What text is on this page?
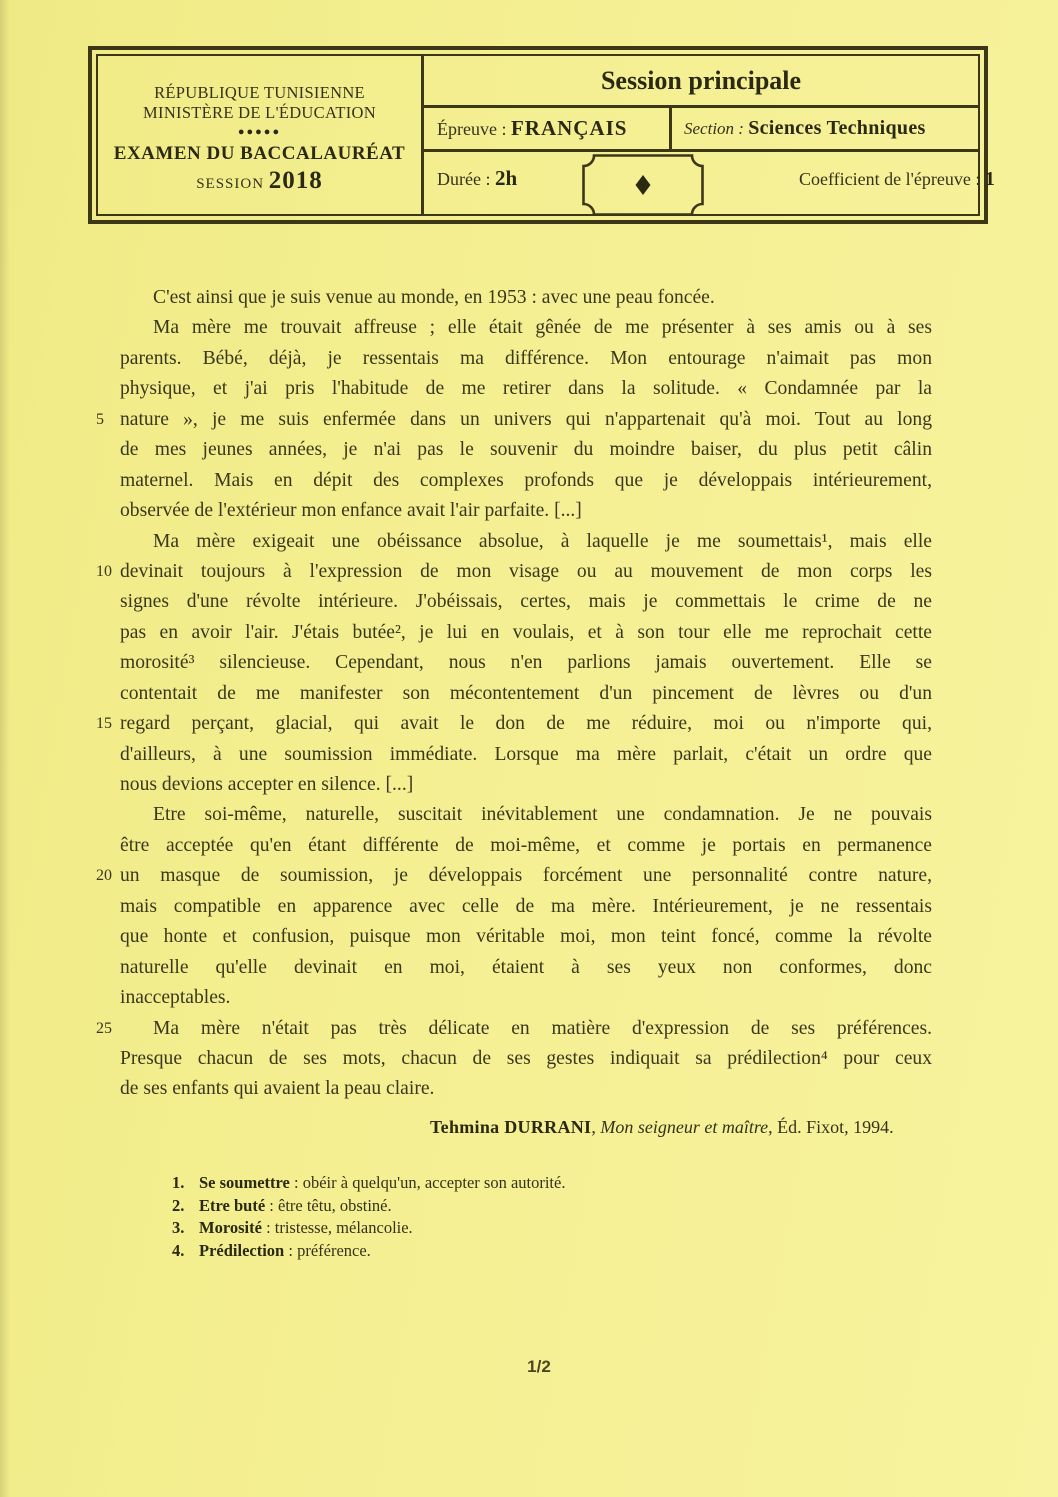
RÉPUBLIQUE TUNISIENNE
MINISTÈRE DE L'ÉDUCATION
●●●●●
EXAMEN DU BACCALAURÉAT
SESSION 2018
Session principale
Épreuve : FRANÇAIS	Section : Sciences Techniques
Durée : 2h	Coefficient de l'épreuve : 1
C'est ainsi que je suis venue au monde, en 1953 : avec une peau foncée.
Ma mère me trouvait affreuse ; elle était gênée de me présenter à ses amis ou à ses
parents. Bébé, déjà, je ressentais ma différence. Mon entourage n'aimait pas mon
physique, et j'ai pris l'habitude de me retirer dans la solitude. « Condamnée par la
5 nature », je me suis enfermée dans un univers qui n'appartenait qu'à moi. Tout au long
de mes jeunes années, je n'ai pas le souvenir du moindre baiser, du plus petit câlin
maternel. Mais en dépit des complexes profonds que je développais intérieurement,
observée de l'extérieur mon enfance avait l'air parfaite. [...]
Ma mère exigeait une obéissance absolue, à laquelle je me soumettais¹, mais elle
10 devinait toujours à l'expression de mon visage ou au mouvement de mon corps les
signes d'une révolte intérieure. J'obéissais, certes, mais je commettais le crime de ne
pas en avoir l'air. J'étais butée², je lui en voulais, et à son tour elle me reprochait cette
morosité³ silencieuse. Cependant, nous n'en parlions jamais ouvertement. Elle se
contentait de me manifester son mécontentement d'un pincement de lèvres ou d'un
15 regard perçant, glacial, qui avait le don de me réduire, moi ou n'importe qui,
d'ailleurs, à une soumission immédiate. Lorsque ma mère parlait, c'était un ordre que
nous devions accepter en silence. [...]
Etre soi-même, naturelle, suscitait inévitablement une condamnation. Je ne pouvais
être acceptée qu'en étant différente de moi-même, et comme je portais en permanence
20 un masque de soumission, je développais forcément une personnalité contre nature,
mais compatible en apparence avec celle de ma mère. Intérieurement, je ne ressentais
que honte et confusion, puisque mon véritable moi, mon teint foncé, comme la révolte
naturelle qu'elle devinait en moi, étaient à ses yeux non conformes, donc
inacceptables.
25	Ma mère n'était pas très délicate en matière d'expression de ses préférences.
Presque chacun de ses mots, chacun de ses gestes indiquait sa prédilection⁴ pour ceux
de ses enfants qui avaient la peau claire.
Tehmina DURRANI, Mon seigneur et maître, Éd. Fixot, 1994.
1. Se soumettre : obéir à quelqu'un, accepter son autorité.
2. Etre buté : être têtu, obstiné.
3. Morosité : tristesse, mélancolie.
4. Prédilection : préférence.
1/2
